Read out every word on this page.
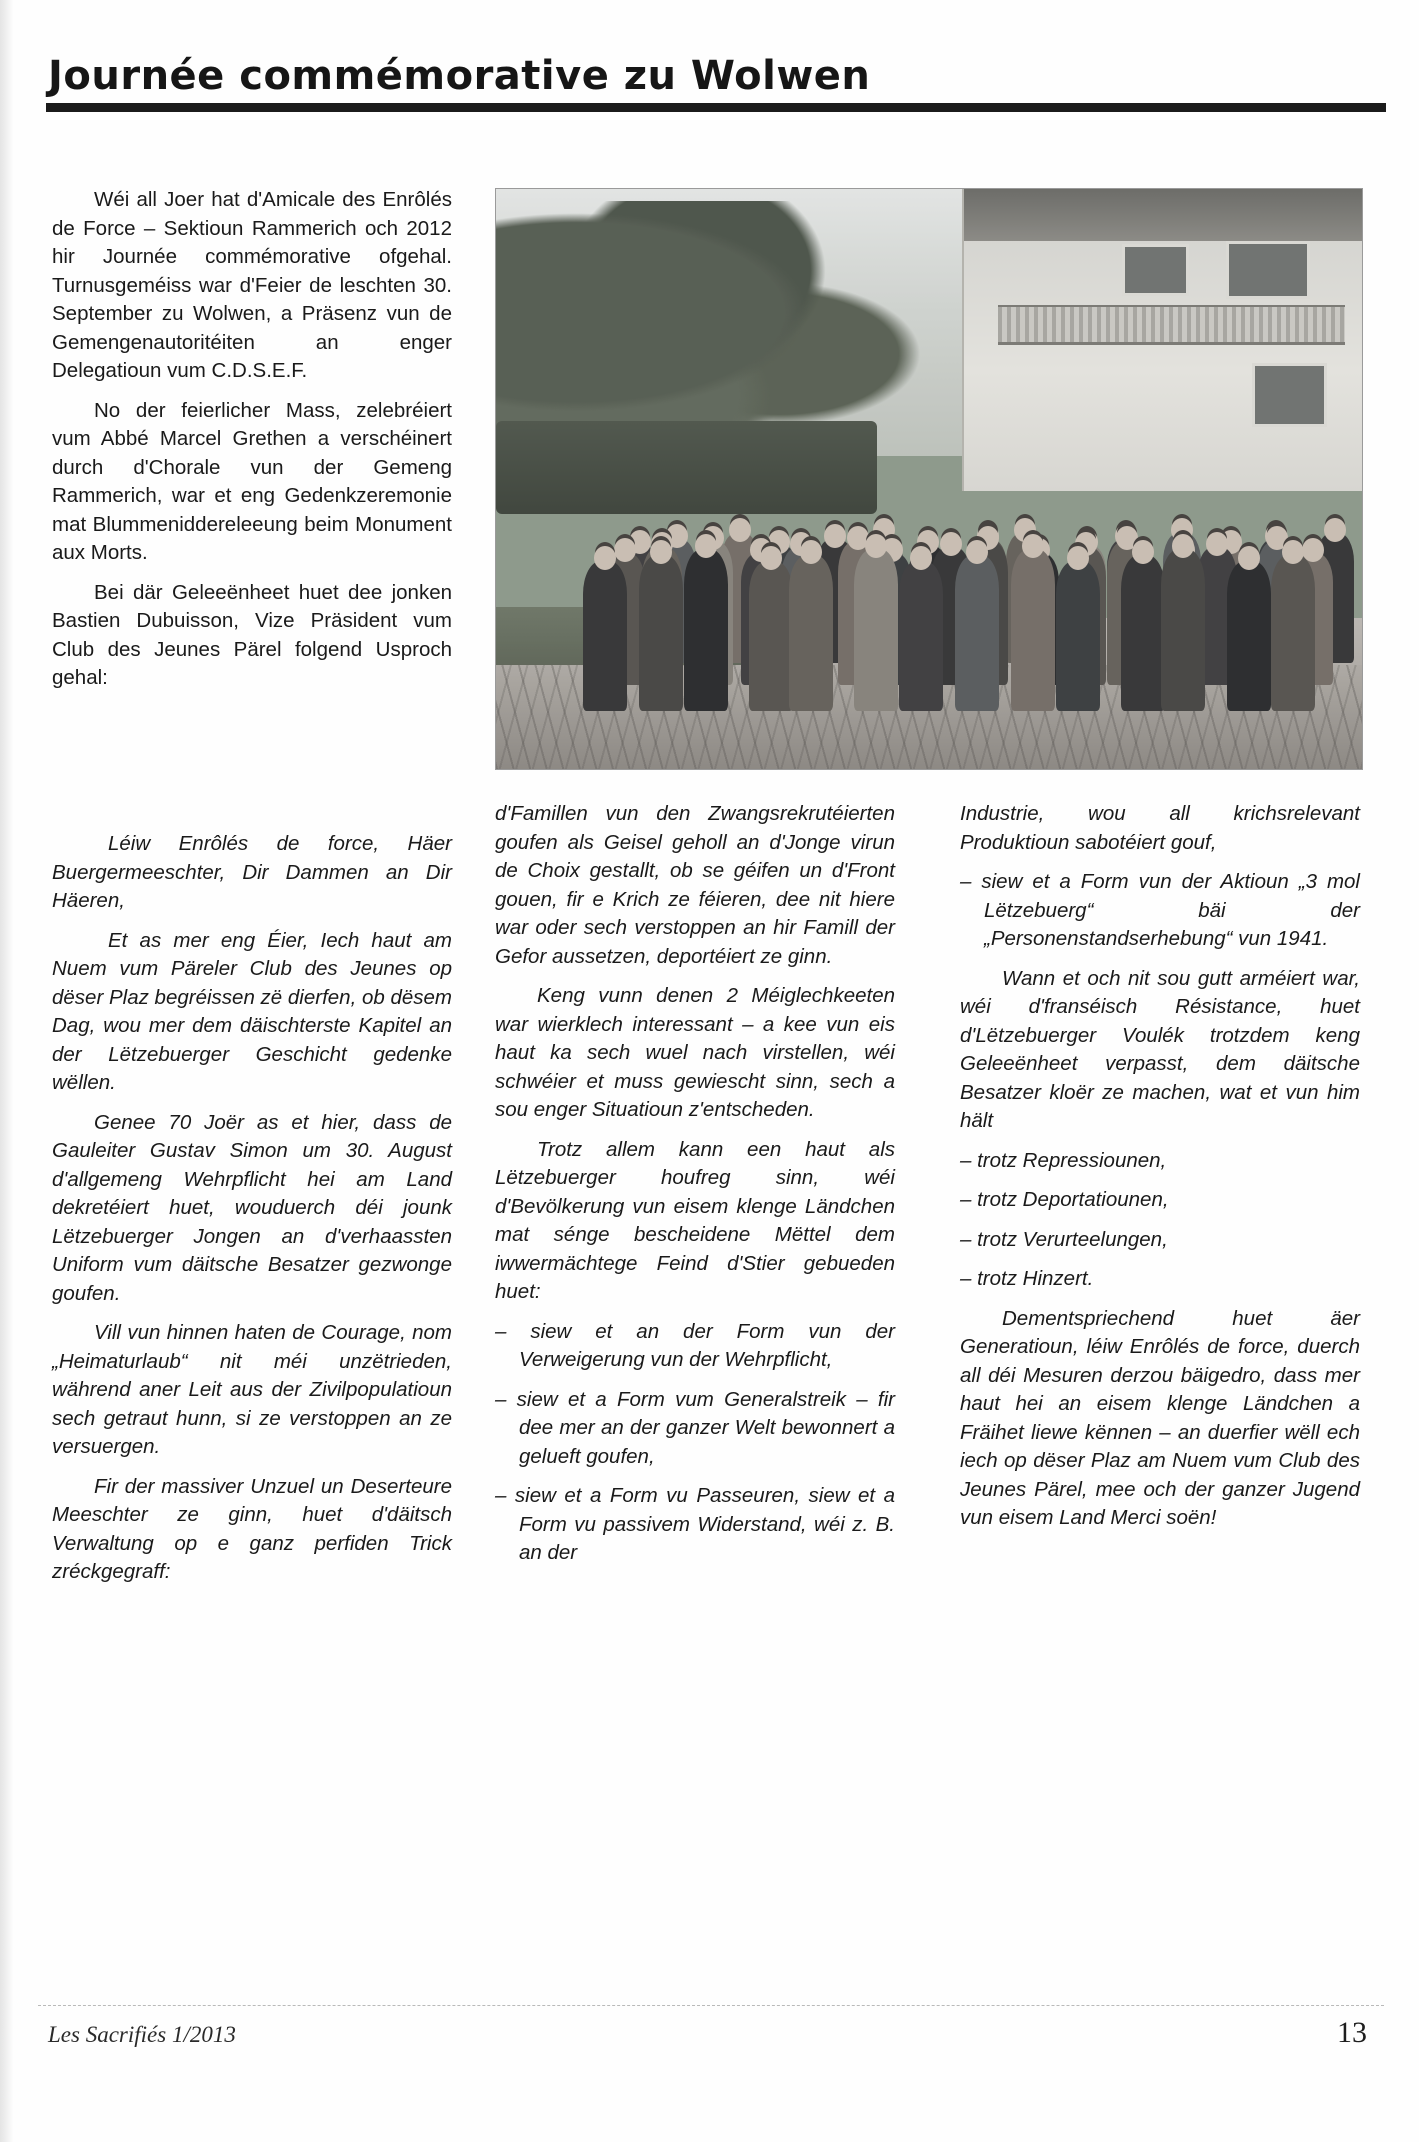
Journée commémorative zu Wolwen

Wéi all Joer hat d'Amicale des Enrôlés de Force – Sektioun Rammerich och 2012 hir Journée commémorative ofgehal. Turnusgeméiss war d'Feier de leschten 30. September zu Wolwen, a Präsenz vun de Gemengenautoritéiten an enger Delegatioun vum C.D.S.E.F.

No der feierlicher Mass, zelebréiert vum Abbé Marcel Grethen a verschéinert durch d'Chorale vun der Gemeng Rammerich, war et eng Gedenkzeremonie mat Blummeniddereleeung beim Monument aux Morts.

Bei där Geleeënheet huet dee jonken Bastien Dubuisson, Vize Präsident vum Club des Jeunes Pärel folgend Usproch gehal:

Léiw Enrôlés de force, Häer Buergermeeschter, Dir Dammen an Dir Häeren,

Et as mer eng Éier, Iech haut am Nuem vum Päreler Club des Jeunes op dëser Plaz begréissen zë dierfen, ob dësem Dag, wou mer dem däischterste Kapitel an der Lëtzebuerger Geschicht gedenke wëllen.

Genee 70 Joër as et hier, dass de Gauleiter Gustav Simon um 30. August d'allgemeng Wehrpflicht hei am Land dekretéiert huet, wouduerch déi jounk Lëtzebuerger Jongen an d'verhaassten Uniform vum däitsche Besatzer gezwonge goufen.

Vill vun hinnen haten de Courage, nom „Heimaturlaub“ nit méi unzëtrieden, während aner Leit aus der Zivilpopulatioun sech getraut hunn, si ze verstoppen an ze versuergen.

Fir der massiver Unzuel un Deserteure Meeschter ze ginn, huet d'däitsch Verwaltung op e ganz perfiden Trick zréckgegraff:

d'Famillen vun den Zwangsrekrutéierten goufen als Geisel geholl an d'Jonge virun de Choix gestallt, ob se géifen un d'Front gouen, fir e Krich ze féieren, dee nit hiere war oder sech verstoppen an hir Famill der Gefor aussetzen, deportéiert ze ginn.

Keng vunn denen 2 Méiglechkeeten war wierklech interessant – a kee vun eis haut ka sech wuel nach virstellen, wéi schwéier et muss gewiescht sinn, sech a sou enger Situatioun z'entscheden.

Trotz allem kann een haut als Lëtzebuerger houfreg sinn, wéi d'Bevölkerung vun eisem klenge Ländchen mat sénge bescheidene Mëttel dem iwwermächtege Feind d'Stier gebueden huet:

– siew et an der Form vun der Verweigerung vun der Wehrpflicht,
– siew et a Form vum Generalstreik – fir dee mer an der ganzer Welt bewonnert a gelueft goufen,
– siew et a Form vu Passeuren, siew et a Form vu passivem Widerstand, wéi z. B. an der

Industrie, wou all krichsrelevant Produktioun sabotéiert gouf,

– siew et a Form vun der Aktioun „3 mol Lëtzebuerg“ bäi der „Personenstandserhebung“ vun 1941.

Wann et och nit sou gutt arméiert war, wéi d'franséisch Résistance, huet d'Lëtzebuerger Voulék trotzdem keng Geleeënheet verpasst, dem däitsche Besatzer kloër ze machen, wat et vun him hält

– trotz Repressiounen,
– trotz Deportatiounen,
– trotz Verurteelungen,
– trotz Hinzert.

Dementspriechend huet äer Generatioun, léiw Enrôlés de force, duerch all déi Mesuren derzou bäigedro, dass mer haut hei an eisem klenge Ländchen a Fräihet liewe kënnen – an duerfier wëll ech iech op dëser Plaz am Nuem vum Club des Jeunes Pärel, mee och der ganzer Jugend vun eisem Land Merci soën!

Les Sacrifiés 1/2013	13
